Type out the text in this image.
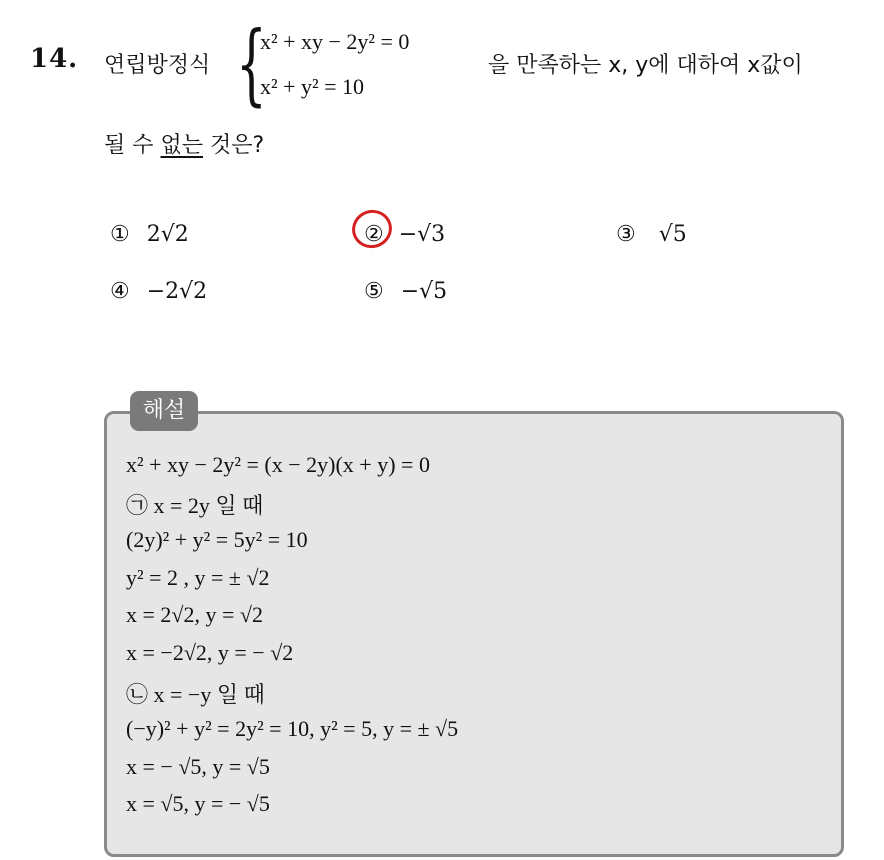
14. 연립방정식 {
x² + xy − 2y² = 0
x² + y² = 10
을 만족하는 x, y에 대하여 x값이
될 수 없는 것은?
① 2√2	② −√3	③ √5
④ −2√2	⑤ −√5
해설
x² + xy − 2y² = (x − 2y)(x + y) = 0
㉠ x = 2y 일 때
(2y)² + y² = 5y² = 10
y² = 2 , y = ± √2
x = 2√2, y = √2
x = −2√2, y = − √2
㉡ x = −y 일 때
(−y)² + y² = 2y² = 10, y² = 5, y = ± √5
x = − √5, y = √5
x = √5, y = − √5
